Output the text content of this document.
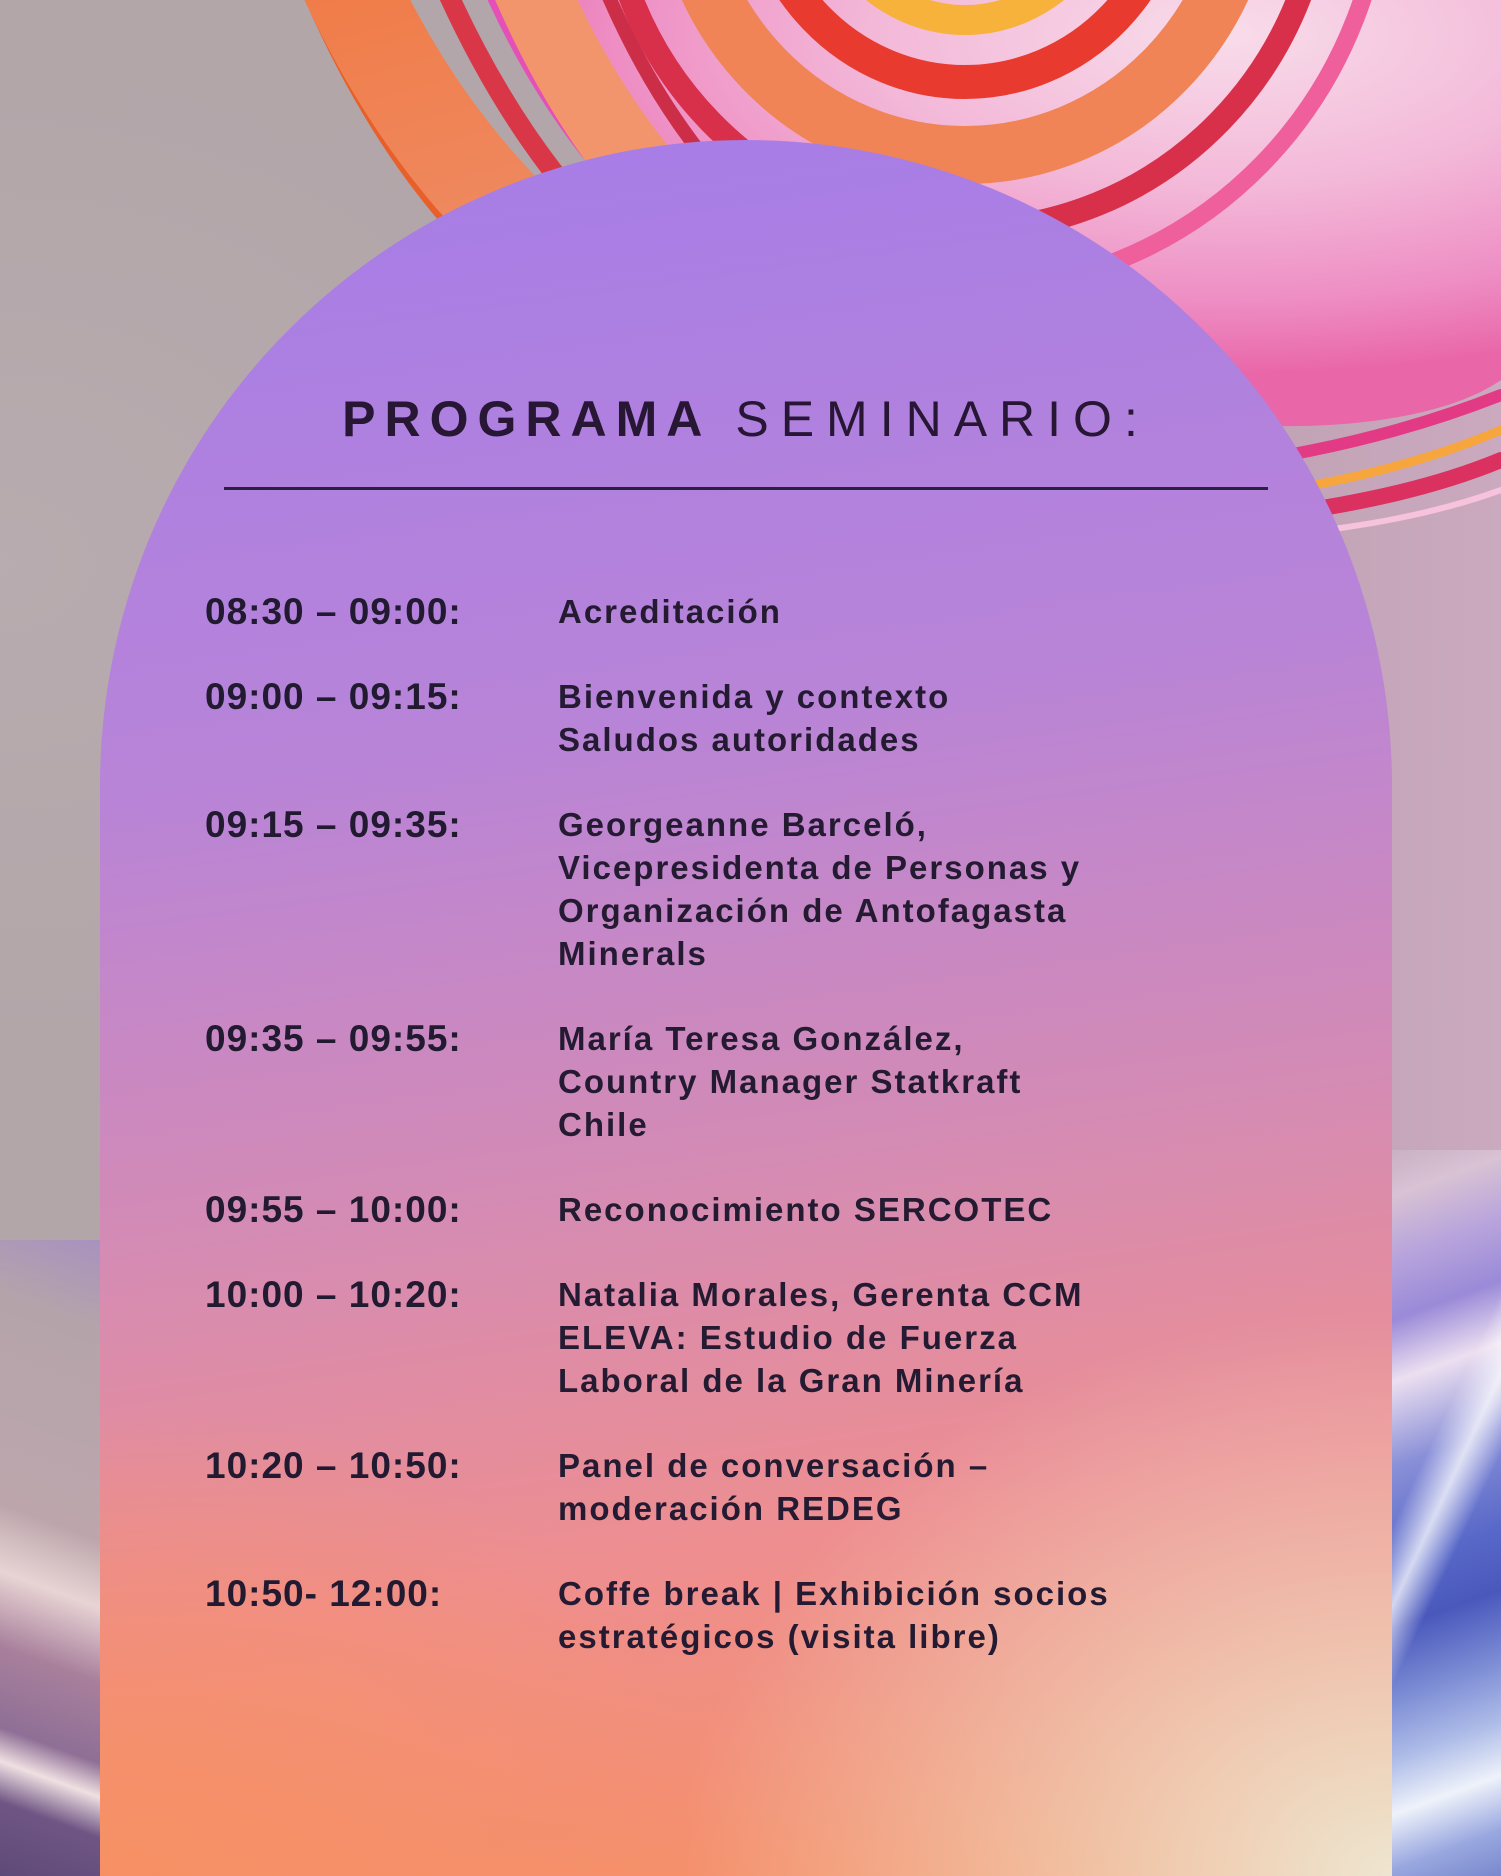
PROGRAMA SEMINARIO:
08:30 – 09:00:	Acreditación
09:00 – 09:15:	Bienvenida y contexto
Saludos autoridades
09:15 – 09:35:	Georgeanne Barceló,
Vicepresidenta de Personas y
Organización de Antofagasta
Minerals
09:35 – 09:55:	María Teresa González,
Country Manager Statkraft
Chile
09:55 – 10:00:	Reconocimiento SERCOTEC
10:00 – 10:20:	Natalia Morales, Gerenta CCM
ELEVA: Estudio de Fuerza
Laboral de la Gran Minería
10:20 – 10:50:	Panel de conversación –
moderación REDEG
10:50- 12:00:	Coffe break | Exhibición socios
estratégicos (visita libre)
